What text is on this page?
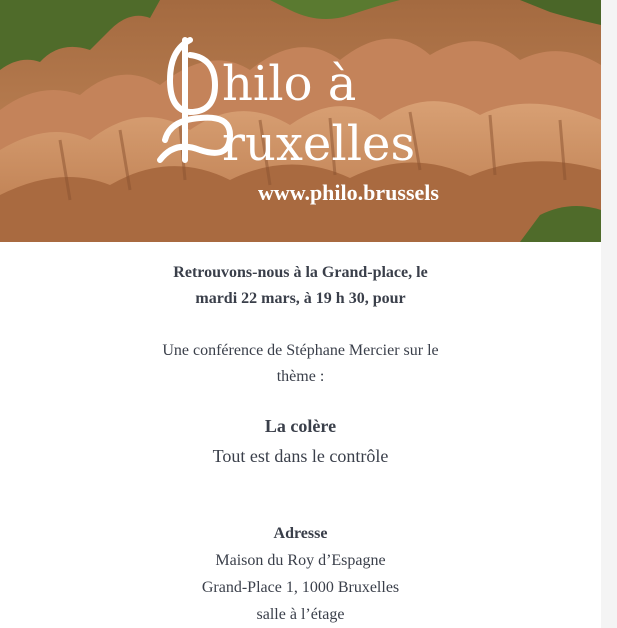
hilo à
ruxelles
www.philo.brussels

Retrouvons-nous à la Grand-place, le
mardi 22 mars, à 19 h 30, pour

Une conférence de Stéphane Mercier sur le
thème :

La colère

Tout est dans le contrôle

Adresse

Maison du Roy d’Espagne

Grand-Place 1, 1000 Bruxelles

salle à l’étage
